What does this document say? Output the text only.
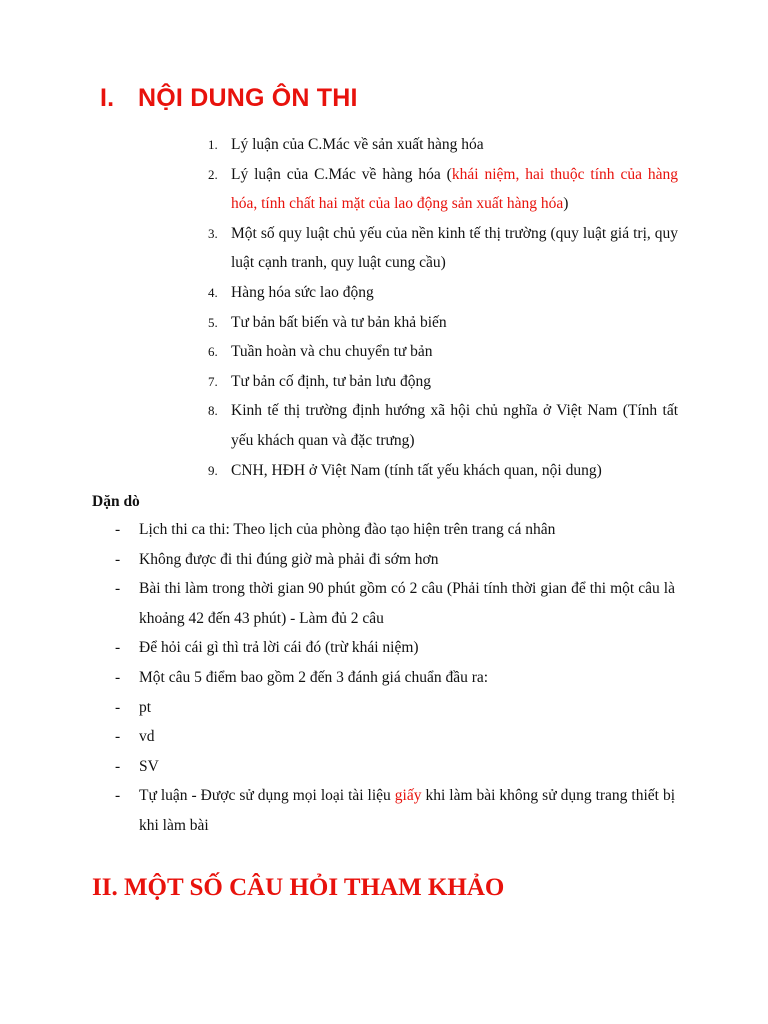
I. NỘI DUNG ÔN THI
1. Lý luận của C.Mác về sản xuất hàng hóa
2. Lý luận của C.Mác về hàng hóa (khái niệm, hai thuộc tính của hàng hóa, tính chất hai mặt của lao động sản xuất hàng hóa)
3. Một số quy luật chủ yếu của nền kinh tế thị trường (quy luật giá trị, quy luật cạnh tranh, quy luật cung cầu)
4. Hàng hóa sức lao động
5. Tư bản bất biến và tư bản khả biến
6. Tuần hoàn và chu chuyển tư bản
7. Tư bản cố định, tư bản lưu động
8. Kinh tế thị trường định hướng xã hội chủ nghĩa ở Việt Nam (Tính tất yếu khách quan và đặc trưng)
9. CNH, HĐH ở Việt Nam (tính tất yếu khách quan, nội dung)
Dặn dò
- Lịch thi ca thi: Theo lịch của phòng đào tạo hiện trên trang cá nhân
- Không được đi thi đúng giờ mà phải đi sớm hơn
- Bài thi làm trong thời gian 90 phút gồm có 2 câu (Phải tính thời gian để thi một câu là khoảng 42 đến 43 phút) - Làm đủ 2 câu
- Để hỏi cái gì thì trả lời cái đó (trừ khái niệm)
- Một câu 5 điểm bao gồm 2 đến 3 đánh giá chuẩn đầu ra:
- pt
- vd
- SV
- Tự luận - Được sử dụng mọi loại tài liệu giấy khi làm bài không sử dụng trang thiết bị khi làm bài
II. MỘT SỐ CÂU HỎI THAM KHẢO
